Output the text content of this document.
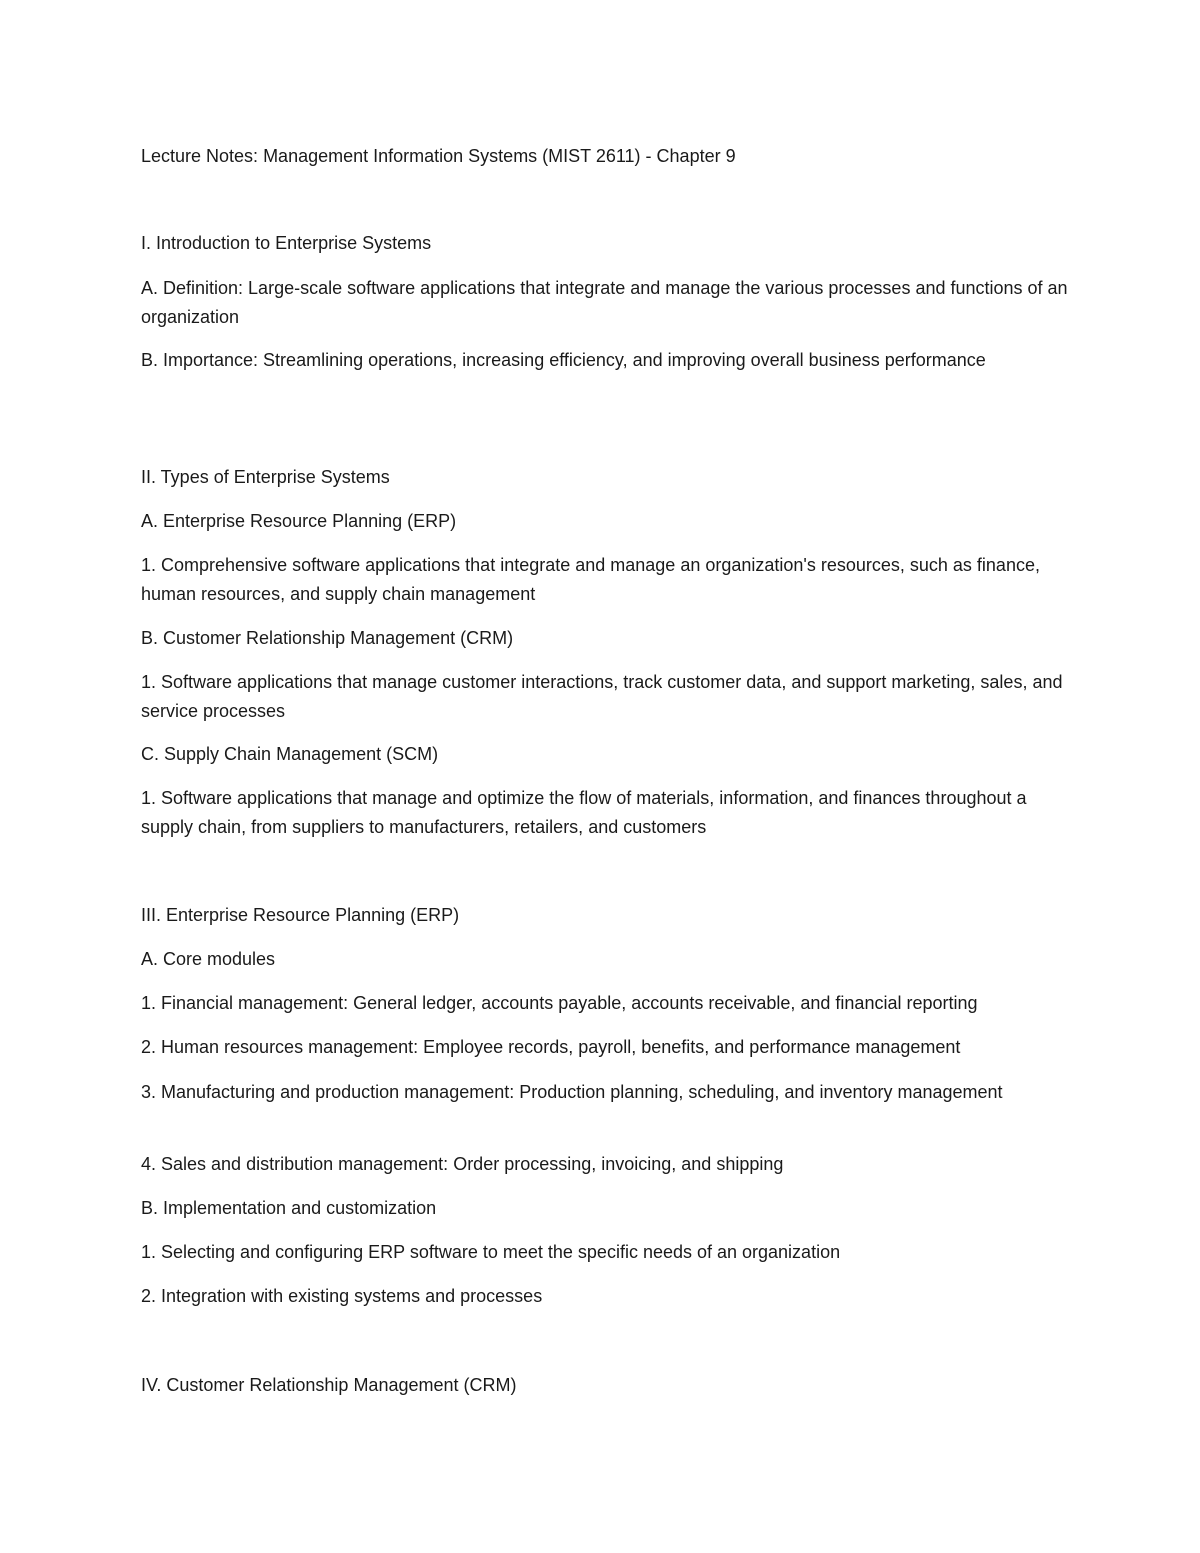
Lecture Notes: Management Information Systems (MIST 2611) - Chapter 9

I. Introduction to Enterprise Systems

A. Definition: Large-scale software applications that integrate and manage the various processes and functions of an organization

B. Importance: Streamlining operations, increasing efficiency, and improving overall business performance

II. Types of Enterprise Systems

A. Enterprise Resource Planning (ERP)

1. Comprehensive software applications that integrate and manage an organization's resources, such as finance, human resources, and supply chain management

B. Customer Relationship Management (CRM)

1. Software applications that manage customer interactions, track customer data, and support marketing, sales, and service processes

C. Supply Chain Management (SCM)

1. Software applications that manage and optimize the flow of materials, information, and finances throughout a supply chain, from suppliers to manufacturers, retailers, and customers

III. Enterprise Resource Planning (ERP)

A. Core modules

1. Financial management: General ledger, accounts payable, accounts receivable, and financial reporting

2. Human resources management: Employee records, payroll, benefits, and performance management

3. Manufacturing and production management: Production planning, scheduling, and inventory management

4. Sales and distribution management: Order processing, invoicing, and shipping

B. Implementation and customization

1. Selecting and configuring ERP software to meet the specific needs of an organization

2. Integration with existing systems and processes

IV. Customer Relationship Management (CRM)
